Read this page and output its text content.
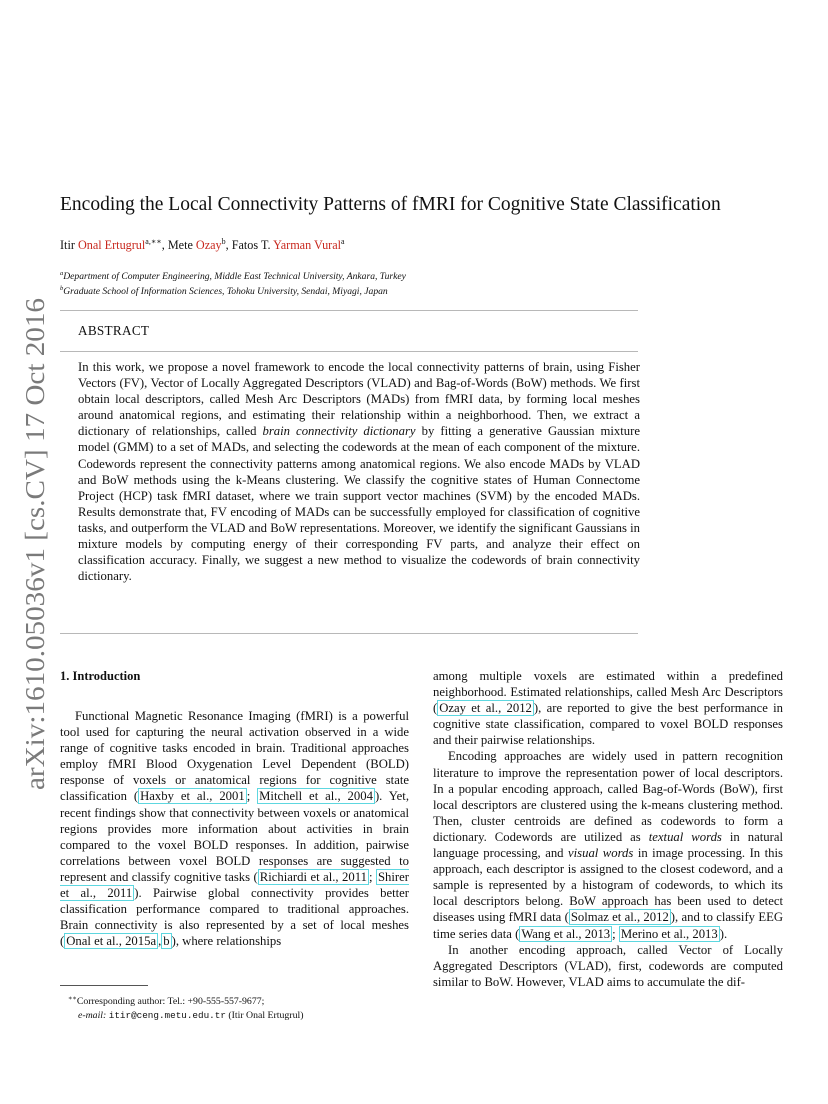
arXiv:1610.05036v1 [cs.CV] 17 Oct 2016
Encoding the Local Connectivity Patterns of fMRI for Cognitive State Classification
Itir Onal Ertugrul$^{a,∗∗}$, Mete Ozay$^b$, Fatos T. Yarman Vural$^a$
$^a$Department of Computer Engineering, Middle East Technical University, Ankara, Turkey
$^b$Graduate School of Information Sciences, Tohoku University, Sendai, Miyagi, Japan
ABSTRACT
In this work, we propose a novel framework to encode the local connectivity patterns of brain, using Fisher Vectors (FV), Vector of Locally Aggregated Descriptors (VLAD) and Bag-of-Words (BoW) methods. We first obtain local descriptors, called Mesh Arc Descriptors (MADs) from fMRI data, by forming local meshes around anatomical regions, and estimating their relationship within a neighborhood. Then, we extract a dictionary of relationships, called brain connectivity dictionary by fitting a generative Gaussian mixture model (GMM) to a set of MADs, and selecting the codewords at the mean of each component of the mixture. Codewords represent the connectivity patterns among anatomical regions. We also encode MADs by VLAD and BoW methods using the k-Means clustering. We classify the cognitive states of Human Connectome Project (HCP) task fMRI dataset, where we train support vector machines (SVM) by the encoded MADs. Results demonstrate that, FV encoding of MADs can be successfully employed for classification of cognitive tasks, and outperform the VLAD and BoW representations. Moreover, we identify the significant Gaussians in mixture models by computing energy of their corresponding FV parts, and analyze their effect on classification accuracy. Finally, we suggest a new method to visualize the codewords of brain connectivity dictionary.
1. Introduction

Functional Magnetic Resonance Imaging (fMRI) is a powerful tool used for capturing the neural activation observed in a wide range of cognitive tasks encoded in brain. Traditional approaches employ fMRI Blood Oxygenation Level Dependent (BOLD) response of voxels or anatomical regions for cognitive state classification ( Haxby et al., 2001 ; Mitchell et al., 2004 ). Yet, recent findings show that connectivity between voxels or anatomical regions provides more information about activities in brain compared to the voxel BOLD responses. In addition, pairwise correlations between voxel BOLD responses are suggested to represent and classify cognitive tasks ( Richiardi et al., 2011 ; Shirer et al., 2011 ). Pairwise global connectivity provides better classification performance compared to traditional approaches. Brain connectivity is also represented by a set of local meshes ( Onal et al., 2015a , b ), where relationships

among multiple voxels are estimated within a predefined neighborhood. Estimated relationships, called Mesh Arc Descriptors ( Ozay et al., 2012 ), are reported to give the best performance in cognitive state classification, compared to voxel BOLD responses and their pairwise relationships.

Encoding approaches are widely used in pattern recognition literature to improve the representation power of local descriptors. In a popular encoding approach, called Bag-of-Words (BoW), first local descriptors are clustered using the k-means clustering method. Then, cluster centroids are defined as codewords to form a dictionary. Codewords are utilized as textual words in natural language processing, and visual words in image processing. In this approach, each descriptor is assigned to the closest codeword, and a sample is represented by a histogram of codewords, to which its local descriptors belong. BoW approach has been used to detect diseases using fMRI data ( Solmaz et al., 2012 ), and to classify EEG time series data ( Wang et al., 2013 ; Merino et al., 2013 ).

In another encoding approach, called Vector of Locally Aggregated Descriptors (VLAD), first, codewords are computed similar to BoW. However, VLAD aims to accumulate the dif-

∗∗Corresponding author: Tel.: +90-555-557-9677;
e-mail: itir@ceng.metu.edu.tr (Itir Onal Ertugrul)
